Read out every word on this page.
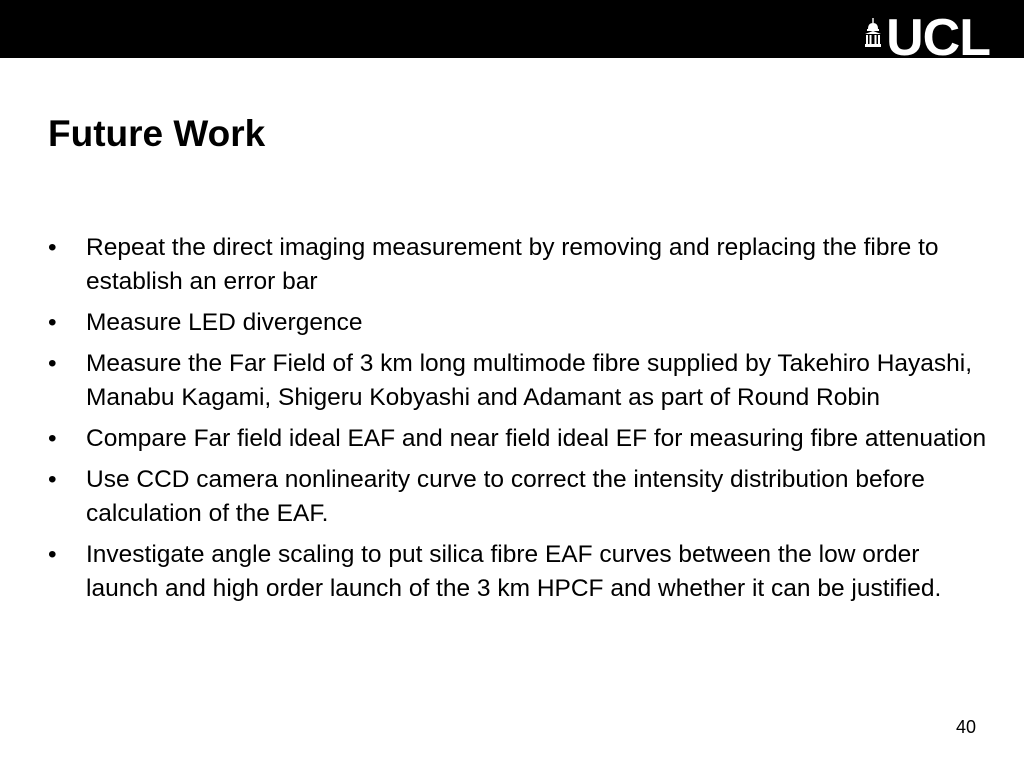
UCL
Future Work
• Repeat the direct imaging measurement by removing and replacing the fibre to establish an error bar
• Measure LED divergence
• Measure the Far Field of 3 km long multimode fibre supplied by Takehiro Hayashi, Manabu Kagami, Shigeru Kobyashi and Adamant as part of Round Robin
• Compare Far field ideal EAF and near field ideal EF for measuring fibre attenuation
• Use CCD camera nonlinearity curve to correct the intensity distribution before calculation of the EAF.
• Investigate angle scaling to put silica fibre EAF curves between the low order launch and high order launch of the 3 km HPCF and whether it can be justified.
40
